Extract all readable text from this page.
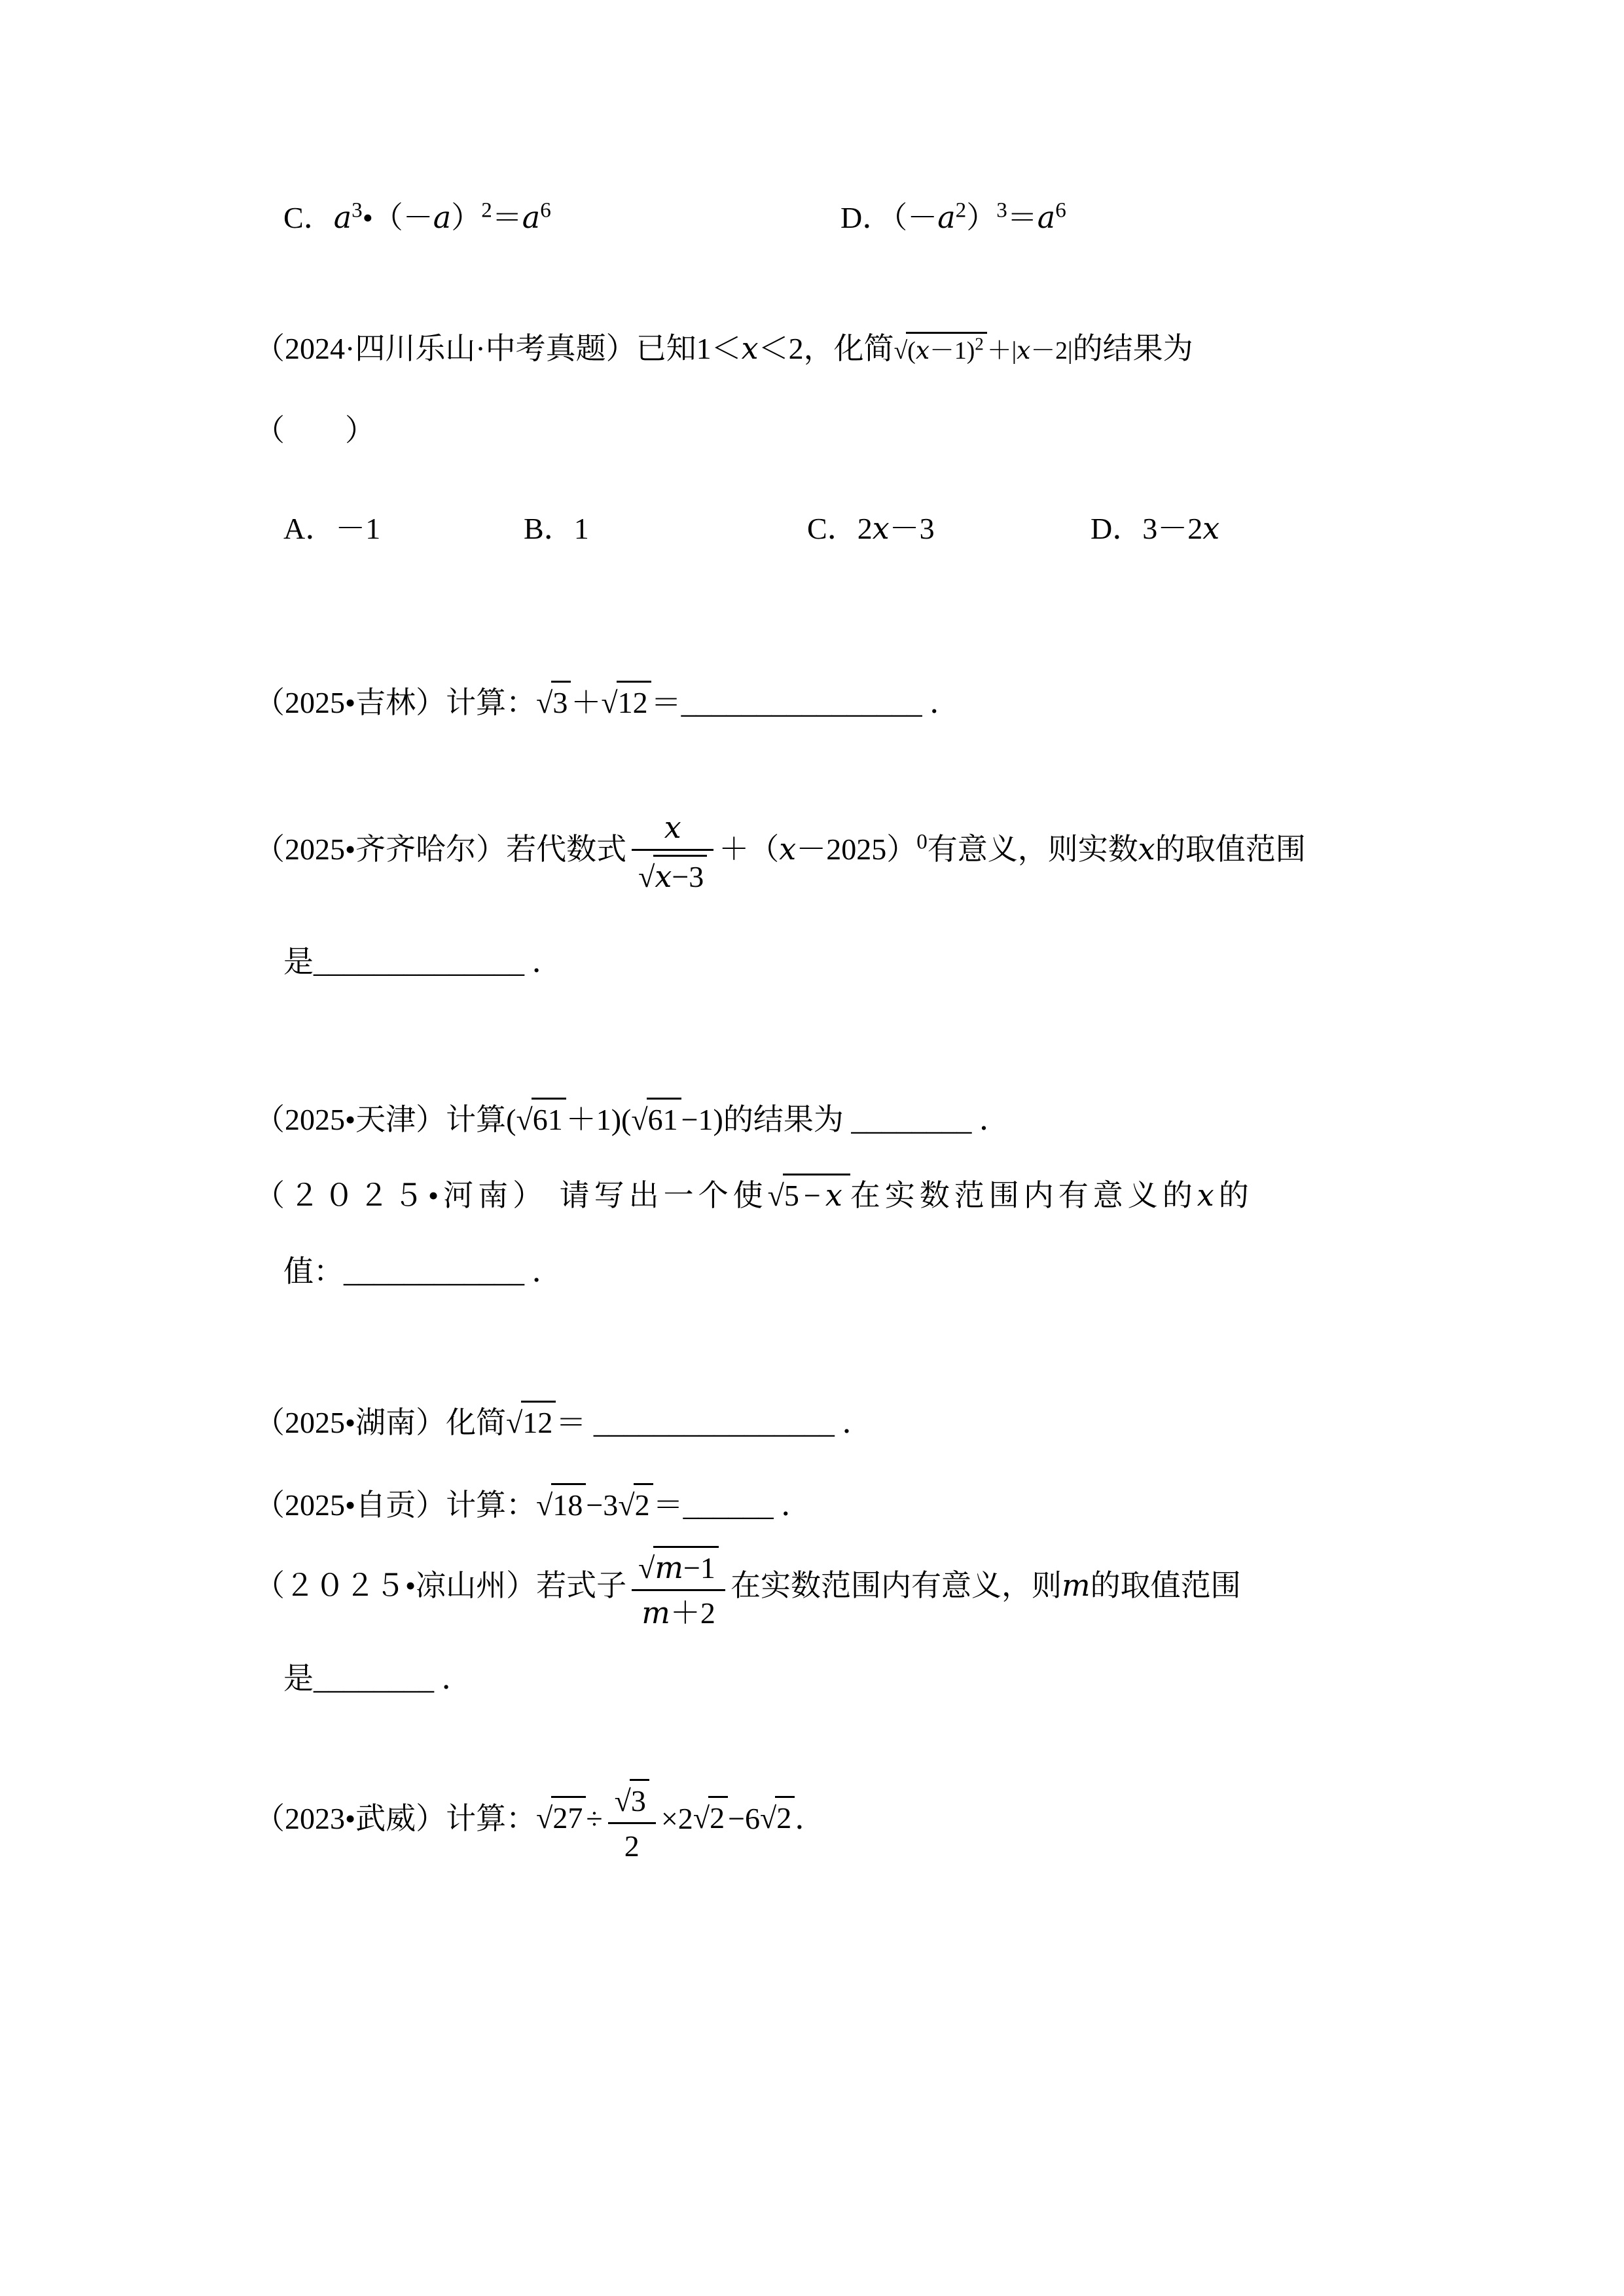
C．$a^3•(-a)^2=a^6$	D．$(-a^2)^3=a^6$
（2024·四川乐山·中考真题）已知1＜x＜2，化简$√(x-1)^2 +|x-2|$的结果为
（　　）
A．－1	B．1	C．2x－3	D．3－2x
（2025•吉林）计算：√3 ＋√12 ＝________________ ．
（2025•齐齐哈尔）若代数式 $\frac{x}{√x-3} +(x-2025)^0$有意义，则实数x的取值范围
是______________ ．
（2025•天津）计算(√61 ＋1)(√61 −1)的结果为 ________ ．
（２０２５•河南） 请写出一个使√5−x 在实数范围内有意义的x的
值：____________ ．
（2025•湖南）化简√12 ＝ ________________ ．
（2025•自贡）计算：√18 −3√2 ＝______ ．
（２０２５•凉山州）若式子 $\frac{√m-1}{m+2}$ 在实数范围内有意义，则m的取值范围
是________ ．
（2023•武威）计算：$√27 \div \frac{√3}{2} \times 2√2 -6√2$ ．
